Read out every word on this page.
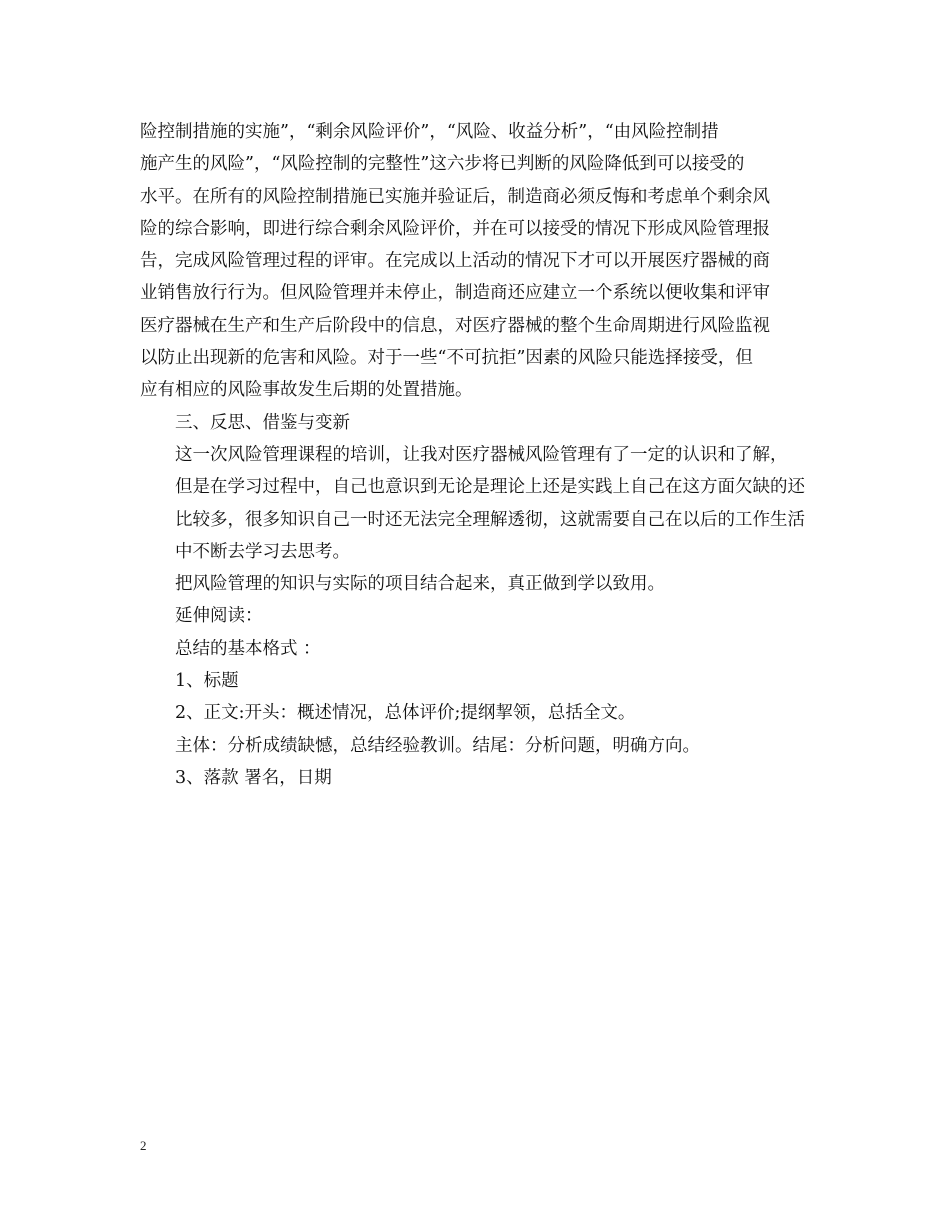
险控制措施的实施”，“剩余风险评价”，“风险、收益分析”，“由风险控制措
施产生的风险”，“风险控制的完整性”这六步将已判断的风险降低到可以接受的
水平。在所有的风险控制措施已实施并验证后，制造商必须反悔和考虑单个剩余风
险的综合影响，即进行综合剩余风险评价，并在可以接受的情况下形成风险管理报
告，完成风险管理过程的评审。在完成以上活动的情况下才可以开展医疗器械的商
业销售放行行为。但风险管理并未停止，制造商还应建立一个系统以便收集和评审
医疗器械在生产和生产后阶段中的信息，对医疗器械的整个生命周期进行风险监视
以防止出现新的危害和风险。对于一些“不可抗拒”因素的风险只能选择接受，但
应有相应的风险事故发生后期的处置措施。

三、反思、借鉴与变新

这一次风险管理课程的培训，让我对医疗器械风险管理有了一定的认识和了解，
但是在学习过程中，自己也意识到无论是理论上还是实践上自己在这方面欠缺的还
比较多，很多知识自己一时还无法完全理解透彻，这就需要自己在以后的工作生活
中不断去学习去思考。

把风险管理的知识与实际的项目结合起来，真正做到学以致用。

延伸阅读：

总结的基本格式 ：

1、标题

2、正文:开头：概述情况，总体评价;提纲挈领，总括全文。

主体：分析成绩缺憾，总结经验教训。结尾：分析问题，明确方向。

3、落款 署名，日期

2
